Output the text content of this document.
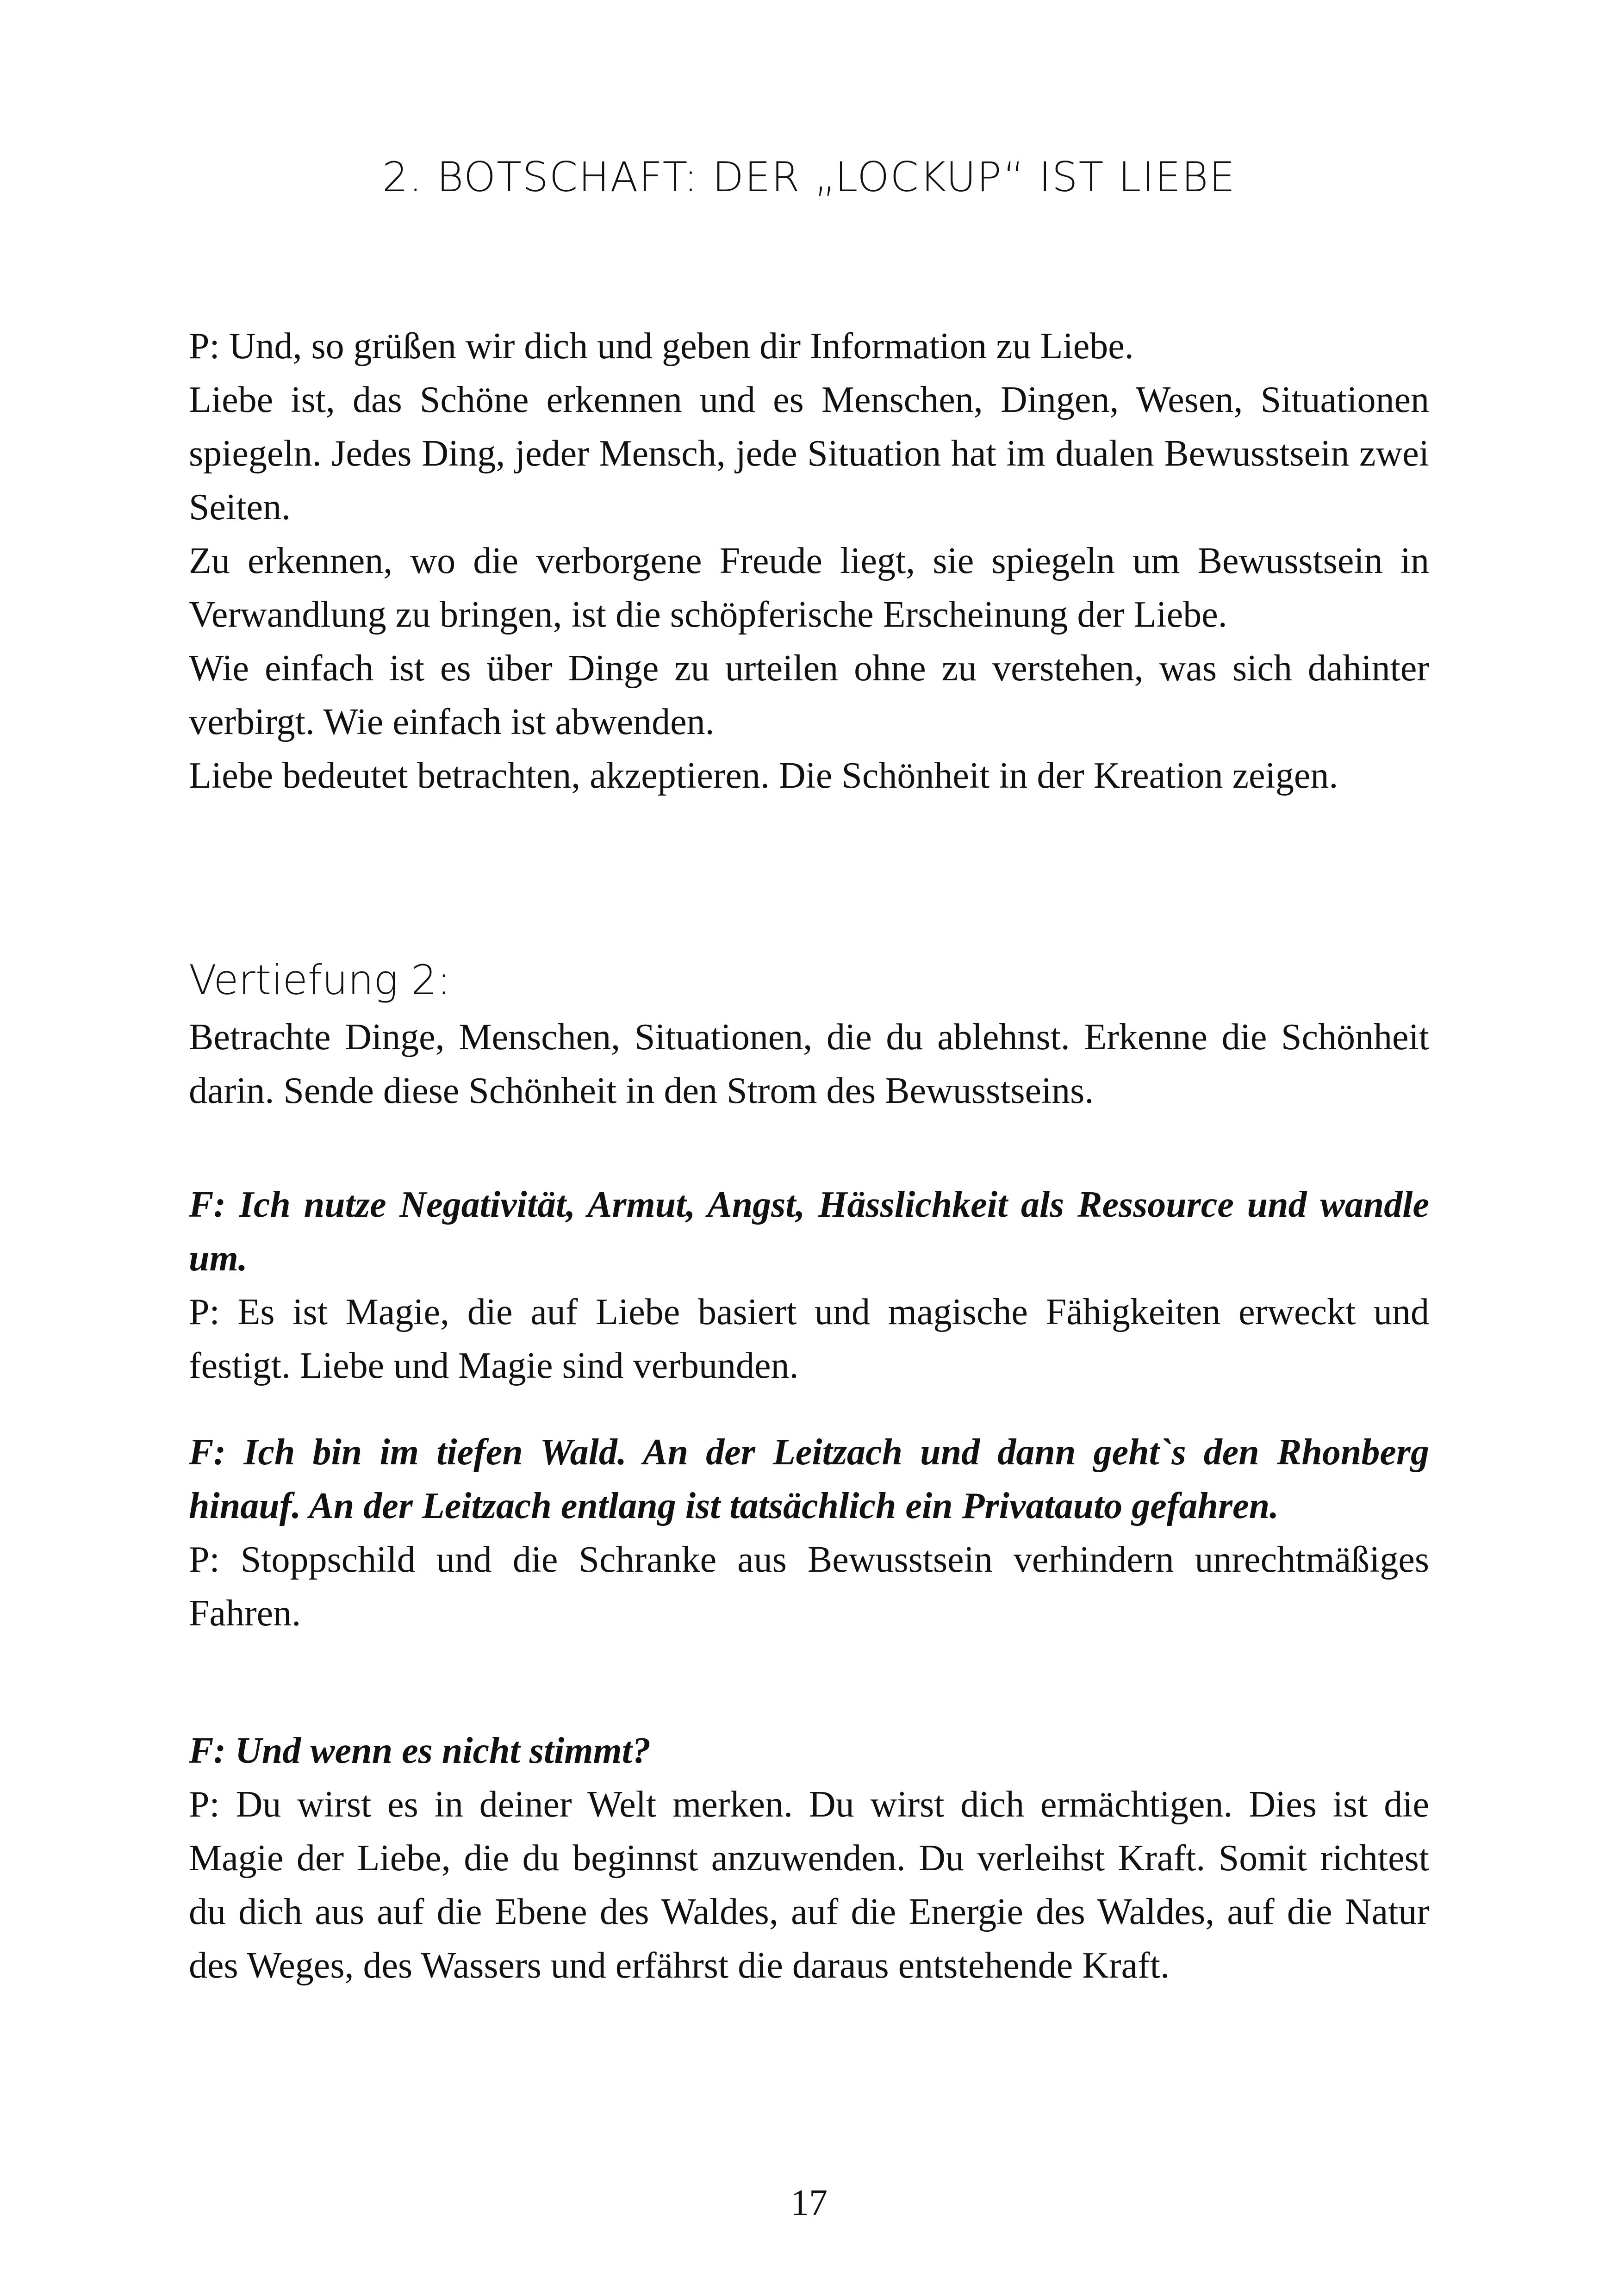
2. BOTSCHAFT: DER „LOCKUP“ IST LIEBE

P: Und, so grüßen wir dich und geben dir Information zu Liebe.

Liebe ist, das Schöne erkennen und es Menschen, Dingen, Wesen, Situationen spiegeln. Jedes Ding, jeder Mensch, jede Situation hat im dualen Bewusstsein zwei Seiten.

Zu erkennen, wo die verborgene Freude liegt, sie spiegeln um Bewusstsein in Verwandlung zu bringen, ist die schöpferische Erscheinung der Liebe.

Wie einfach ist es über Dinge zu urteilen ohne zu verstehen, was sich dahinter verbirgt. Wie einfach ist abwenden.

Liebe bedeutet betrachten, akzeptieren. Die Schönheit in der Kreation zeigen.

Vertiefung 2:

Betrachte Dinge, Menschen, Situationen, die du ablehnst. Erkenne die Schönheit darin. Sende diese Schönheit in den Strom des Bewusstseins.

F: Ich nutze Negativität, Armut, Angst, Hässlichkeit als Ressource und wandle um.

P: Es ist Magie, die auf Liebe basiert und magische Fähigkeiten erweckt und festigt. Liebe und Magie sind verbunden.

F: Ich bin im tiefen Wald. An der Leitzach und dann geht`s den Rhonberg hinauf. An der Leitzach entlang ist tatsächlich ein Privatauto gefahren.

P: Stoppschild und die Schranke aus Bewusstsein verhindern unrechtmäßiges Fahren.

F: Und wenn es nicht stimmt?

P: Du wirst es in deiner Welt merken. Du wirst dich ermächtigen. Dies ist die Magie der Liebe, die du beginnst anzuwenden. Du verleihst Kraft. Somit richtest du dich aus auf die Ebene des Waldes, auf die Energie des Waldes, auf die Natur des Weges, des Wassers und erfährst die daraus entstehende Kraft.

17
